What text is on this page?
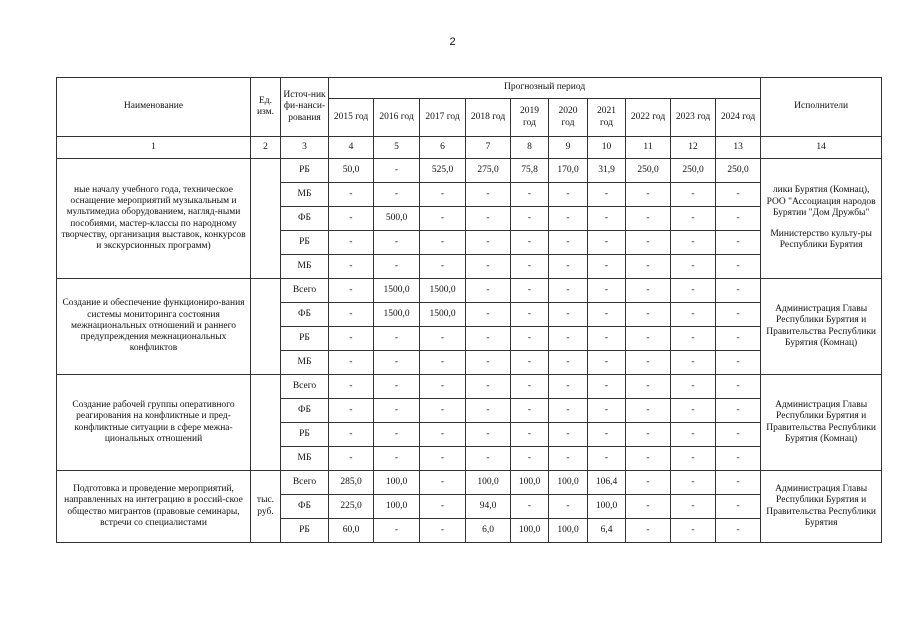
2
Наименование	Ед. изм.	Источ-ник фи-нанси-рования	Прогнозный период										Исполнители
			2015 год	2016 год	2017 год	2018 год	2019 год	2020 год	2021 год	2022 год	2023 год	2024 год	
1	2	3	4	5	6	7	8	9	10	11	12	13	14
ные началу учебного года, техническое оснащение мероприятий музыкальным и мультимедиа оборудованием, нагляд-ными пособиями, мастер-классы по народному творчеству, организация выставок, конкурсов и экскурсионных программ)		РБ	50,0	-	525,0	275,0	75,8	170,0	31,9	250,0	250,0	250,0	лики Бурятия (Комнац), РОО "Ассоциация народов Бурятии "Дом Дружбы"
Министерство культу-ры Республики Бурятия

		МБ	-	-	-	-	-	-	-	-	-	-	
		ФБ	-	500,0	-	-	-	-	-	-	-	-	
		РБ	-	-	-	-	-	-	-	-	-	-	
		МБ	-	-	-	-	-	-	-	-	-	-	
Создание и обеспечение функциониро-вания системы мониторинга состояния межнациональных отношений и раннего предупреждения межнациональных конфликтов		Всего	-	1500,0	1500,0	-	-	-	-	-	-	-	Администрация Главы Республики Бурятия и Правительства Республики Бурятия (Комнац)

		ФБ	-	1500,0	1500,0	-	-	-	-	-	-	-	
		РБ	-	-	-	-	-	-	-	-	-	-	
		МБ	-	-	-	-	-	-	-	-	-	-	
Создание рабочей группы оперативного реагирования на конфликтные и пред-конфликтные ситуации в сфере межна-циональных отношений		Всего	-	-	-	-	-	-	-	-	-	-	Администрация Главы Республики Бурятия и Правительства Республики Бурятия (Комнац)

		ФБ	-	-	-	-	-	-	-	-	-	-	
		РБ	-	-	-	-	-	-	-	-	-	-	
		МБ	-	-	-	-	-	-	-	-	-	-	
Подготовка и проведение мероприятий, направленных на интеграцию в россий-ское общество мигрантов (правовые семинары, встречи со специалистами	тыс. руб.	Всего	285,0	100,0	-	100,0	100,0	100,0	106,4	-	-	-	Администрация Главы Республики Бурятия и Правительства Республики Бурятия

		ФБ	225,0	100,0	-	94,0	-	-	100,0	-	-	-	
		РБ	60,0	-	-	6,0	100,0	100,0	6,4	-	-	-	
